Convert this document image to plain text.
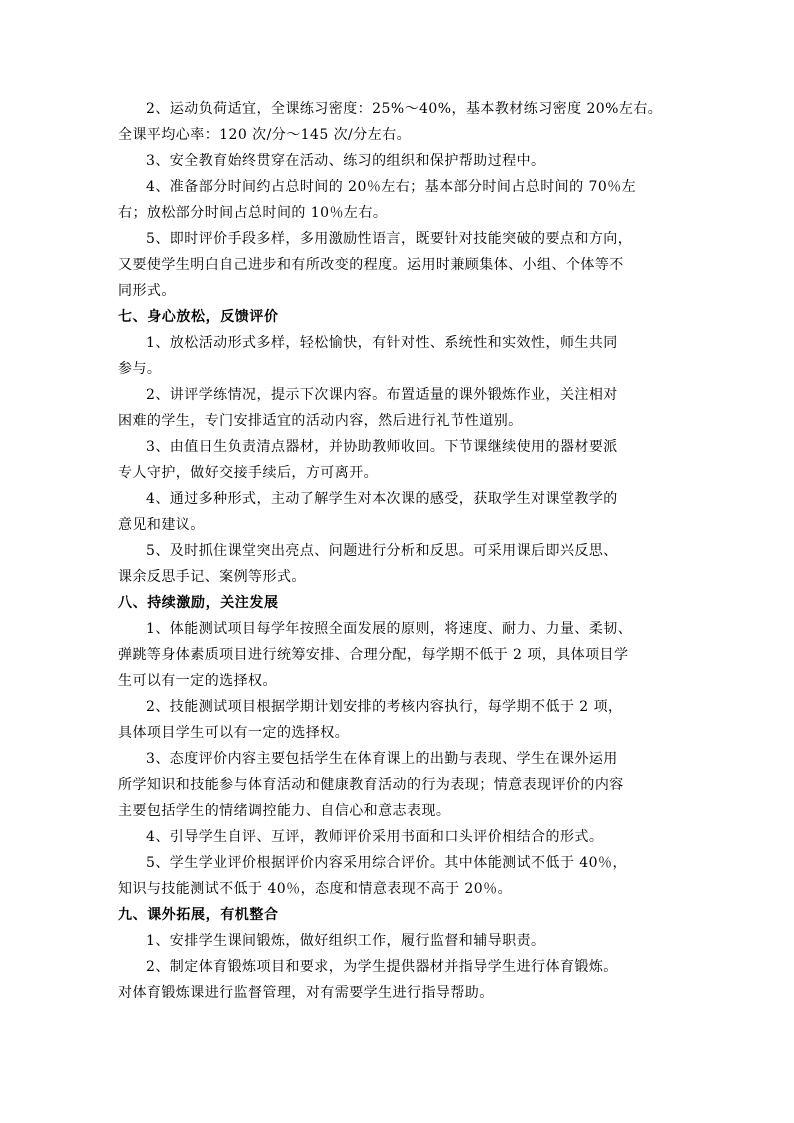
2、运动负荷适宜，全课练习密度：25%～40%，基本教材练习密度 20%左右。
全课平均心率：120 次/分～145 次/分左右。
3、安全教育始终贯穿在活动、练习的组织和保护帮助过程中。
4、准备部分时间约占总时间的 20％左右；基本部分时间占总时间的 70％左
右；放松部分时间占总时间的 10％左右。
5、即时评价手段多样，多用激励性语言，既要针对技能突破的要点和方向，
又要使学生明白自己进步和有所改变的程度。运用时兼顾集体、小组、个体等不
同形式。
七、身心放松，反馈评价
1、放松活动形式多样，轻松愉快，有针对性、系统性和实效性，师生共同
参与。
2、讲评学练情况，提示下次课内容。布置适量的课外锻炼作业，关注相对
困难的学生，专门安排适宜的活动内容，然后进行礼节性道别。
3、由值日生负责清点器材，并协助教师收回。下节课继续使用的器材要派
专人守护，做好交接手续后，方可离开。
4、通过多种形式，主动了解学生对本次课的感受，获取学生对课堂教学的
意见和建议。
5、及时抓住课堂突出亮点、问题进行分析和反思。可采用课后即兴反思、
课余反思手记、案例等形式。
八、持续激励，关注发展
1、体能测试项目每学年按照全面发展的原则，将速度、耐力、力量、柔韧、
弹跳等身体素质项目进行统筹安排、合理分配，每学期不低于 2 项，具体项目学
生可以有一定的选择权。
2、技能测试项目根据学期计划安排的考核内容执行，每学期不低于 2 项，
具体项目学生可以有一定的选择权。
3、态度评价内容主要包括学生在体育课上的出勤与表现、学生在课外运用
所学知识和技能参与体育活动和健康教育活动的行为表现；情意表现评价的内容
主要包括学生的情绪调控能力、自信心和意志表现。
4、引导学生自评、互评，教师评价采用书面和口头评价相结合的形式。
5、学生学业评价根据评价内容采用综合评价。其中体能测试不低于 40％，
知识与技能测试不低于 40％，态度和情意表现不高于 20％。
九、课外拓展，有机整合
1、安排学生课间锻炼，做好组织工作，履行监督和辅导职责。
2、制定体育锻炼项目和要求，为学生提供器材并指导学生进行体育锻炼。
对体育锻炼课进行监督管理，对有需要学生进行指导帮助。
